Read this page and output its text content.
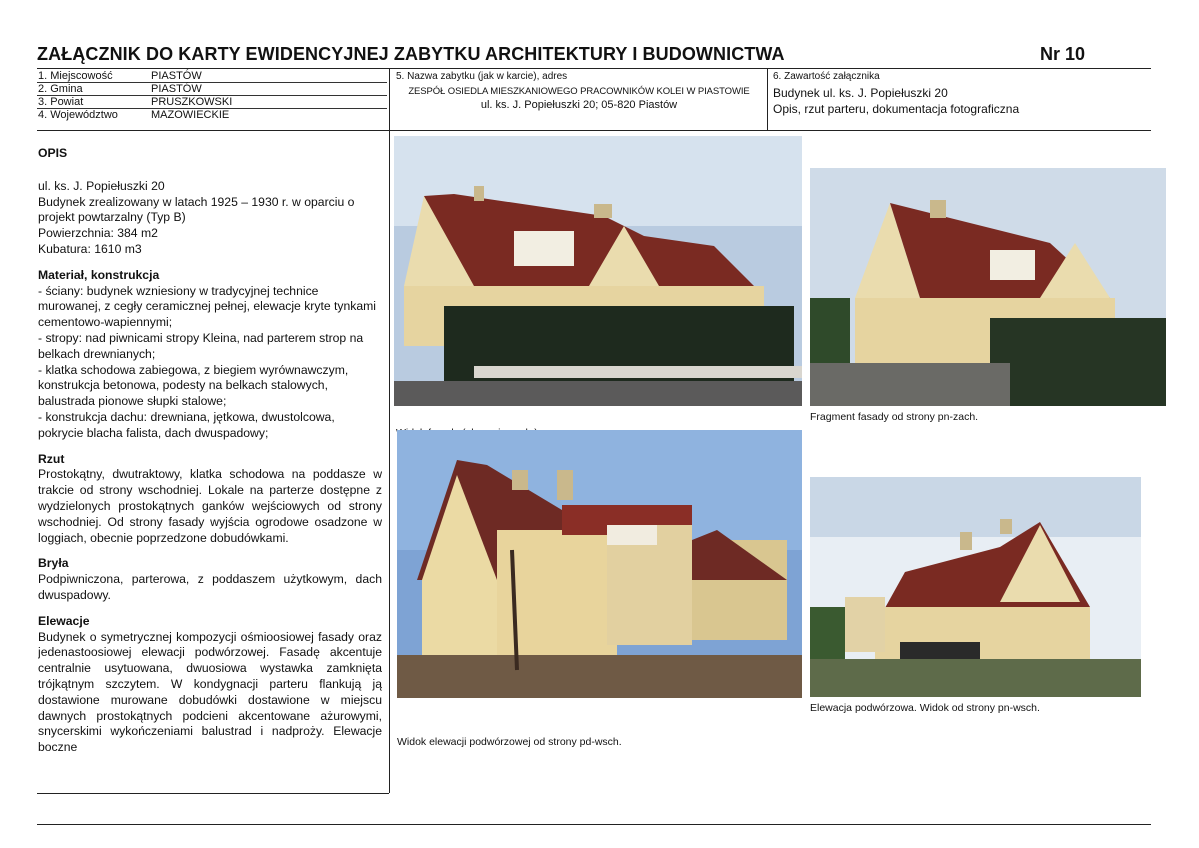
ZAŁĄCZNIK DO KARTY EWIDENCYJNEJ ZABYTKU ARCHITEKTURY I BUDOWNICTWA	Nr 10
1. Miejscowość	PIASTÓW
2. Gmina	PIASTÓW
3. Powiat	PRUSZKOWSKI
4. Województwo	MAZOWIECKIE
5. Nazwa zabytku (jak w karcie), adres
ZESPÓŁ OSIEDLA MIESZKANIOWEGO PRACOWNIKÓW KOLEI W PIASTOWIE
ul. ks. J. Popiełuszki 20; 05-820 Piastów
6. Zawartość załącznika
Budynek ul. ks. J. Popiełuszki 20
Opis, rzut parteru, dokumentacja fotograficzna

OPIS

ul. ks. J. Popiełuszki 20

Budynek zrealizowany w latach 1925 – 1930 r. w oparciu o projekt powtarzalny (Typ B)

Powierzchnia: 384 m2

Kubatura: 1610 m3

Materiał, konstrukcja

- ściany: budynek wzniesiony w tradycyjnej technice murowanej, z cegły ceramicznej pełnej, elewacje kryte tynkami cementowo-wapiennymi;

- stropy: nad piwnicami stropy Kleina, nad parterem strop na belkach drewnianych;

- klatka schodowa zabiegowa, z biegiem wyrównawczym, konstrukcja betonowa, podesty na belkach stalowych, balustrada pionowe słupki stalowe;

- konstrukcja dachu: drewniana, jętkowa, dwustolcowa, pokrycie blacha falista, dach dwuspadowy;

Rzut

Prostokątny, dwutraktowy, klatka schodowa na poddasze w trakcie od strony wschodniej. Lokale na parterze dostępne z wydzielonych prostokątnych ganków wejściowych od strony wschodniej. Od strony fasady wyjścia ogrodowe osadzone w loggiach, obecnie poprzedzone dobudówkami.

Bryła

Podpiwniczona, parterowa, z poddaszem użytkowym, dach dwuspadowy.

Elewacje

Budynek o symetrycznej kompozycji ośmioosiowej fasady oraz jedenastoosiowej elewacji podwórzowej. Fasadę akcentuje centralnie usytuowana, dwuosiowa wystawka zamknięta trójkątnym szczytem. W kondygnacji parteru flankują ją dostawione murowane dobudówki dostawione w miejscu dawnych prostokątnych podcieni akcentowane ażurowymi, snycerskimi wykończeniami balustrad i nadproży. Elewacje boczne

Fragment fasady od strony pn-zach.
Widok elewacji podwórzowej od strony pd-wsch.
Elewacja podwórzowa. Widok od strony pn-wsch.
